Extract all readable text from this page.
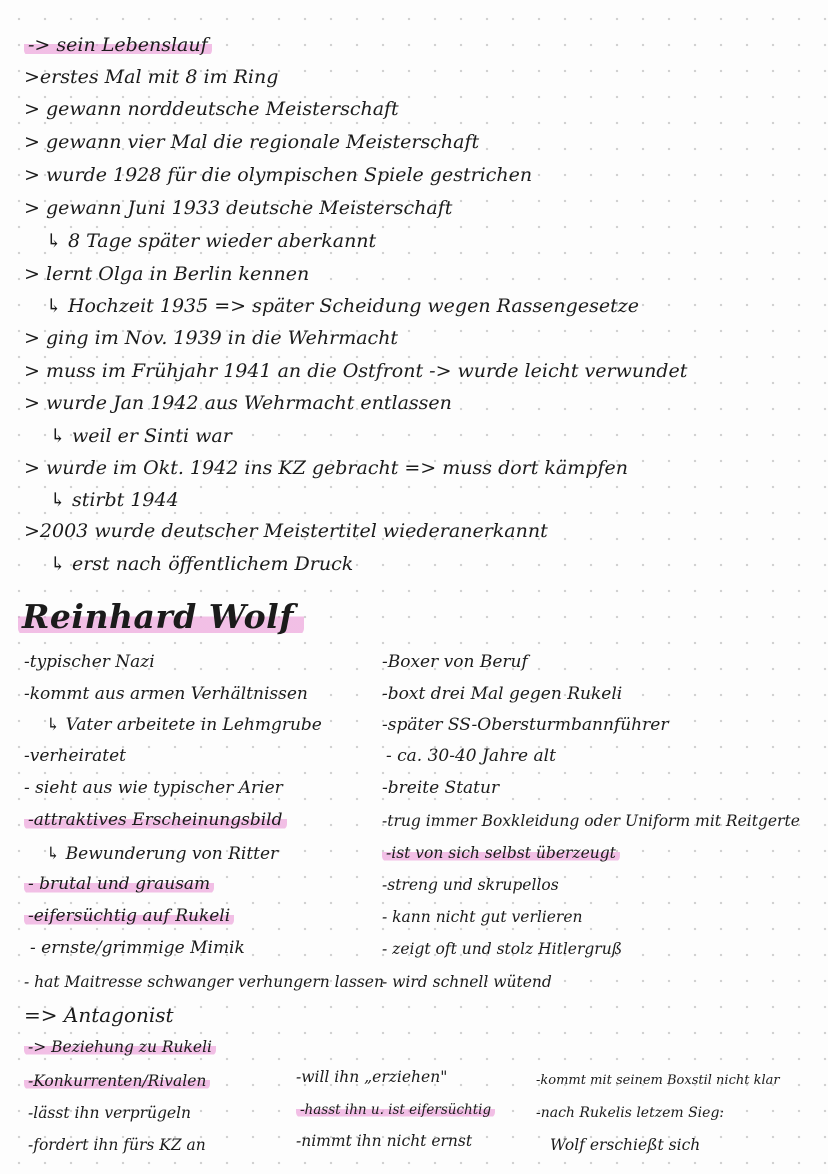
-> sein Lebenslauf
>erstes Mal mit 8 im Ring
> gewann norddeutsche Meisterschaft
> gewann vier Mal die regionale Meisterschaft
> wurde 1928 für die olympischen Spiele gestrichen
> gewann Juni 1933 deutsche Meisterschaft
↳ 8 Tage später wieder aberkannt
> lernt Olga in Berlin kennen
↳ Hochzeit 1935 => später Scheidung wegen Rassengesetze
> ging im Nov. 1939 in die Wehrmacht
> muss im Frühjahr 1941 an die Ostfront -> wurde leicht verwundet
> wurde Jan 1942 aus Wehrmacht entlassen
↳ weil er Sinti war
> wurde im Okt. 1942 ins KZ gebracht => muss dort kämpfen
↳ stirbt 1944
>2003 wurde deutscher Meistertitel wiederanerkannt
↳ erst nach öffentlichem Druck
Reinhard Wolf
-typischer Nazi
-kommt aus armen Verhältnissen
↳ Vater arbeitete in Lehmgrube
-verheiratet
- sieht aus wie typischer Arier
-attraktives Erscheinungsbild
↳ Bewunderung von Ritter
- brutal und grausam
-eifersüchtig auf Rukeli
- ernste/grimmige Mimik
- hat Maitresse schwanger verhungern lassen
-Boxer von Beruf
-boxt drei Mal gegen Rukeli
-später SS-Obersturmbannführer
- ca. 30-40 Jahre alt
-breite Statur
-trug immer Boxkleidung oder Uniform mit Reitgerte
-ist von sich selbst überzeugt
-streng und skrupellos
- kann nicht gut verlieren
- zeigt oft und stolz Hitlergruß
- wird schnell wütend
=> Antagonist
-> Beziehung zu Rukeli
-Konkurrenten/Rivalen
-lässt ihn verprügeln
-fordert ihn fürs KZ an
-will ihn „erziehen"
-hasst ihn u. ist eifersüchtig
-nimmt ihn nicht ernst
-kommt mit seinem Boxstil nicht klar
-nach Rukelis letzem Sieg:
Wolf erschießt sich
